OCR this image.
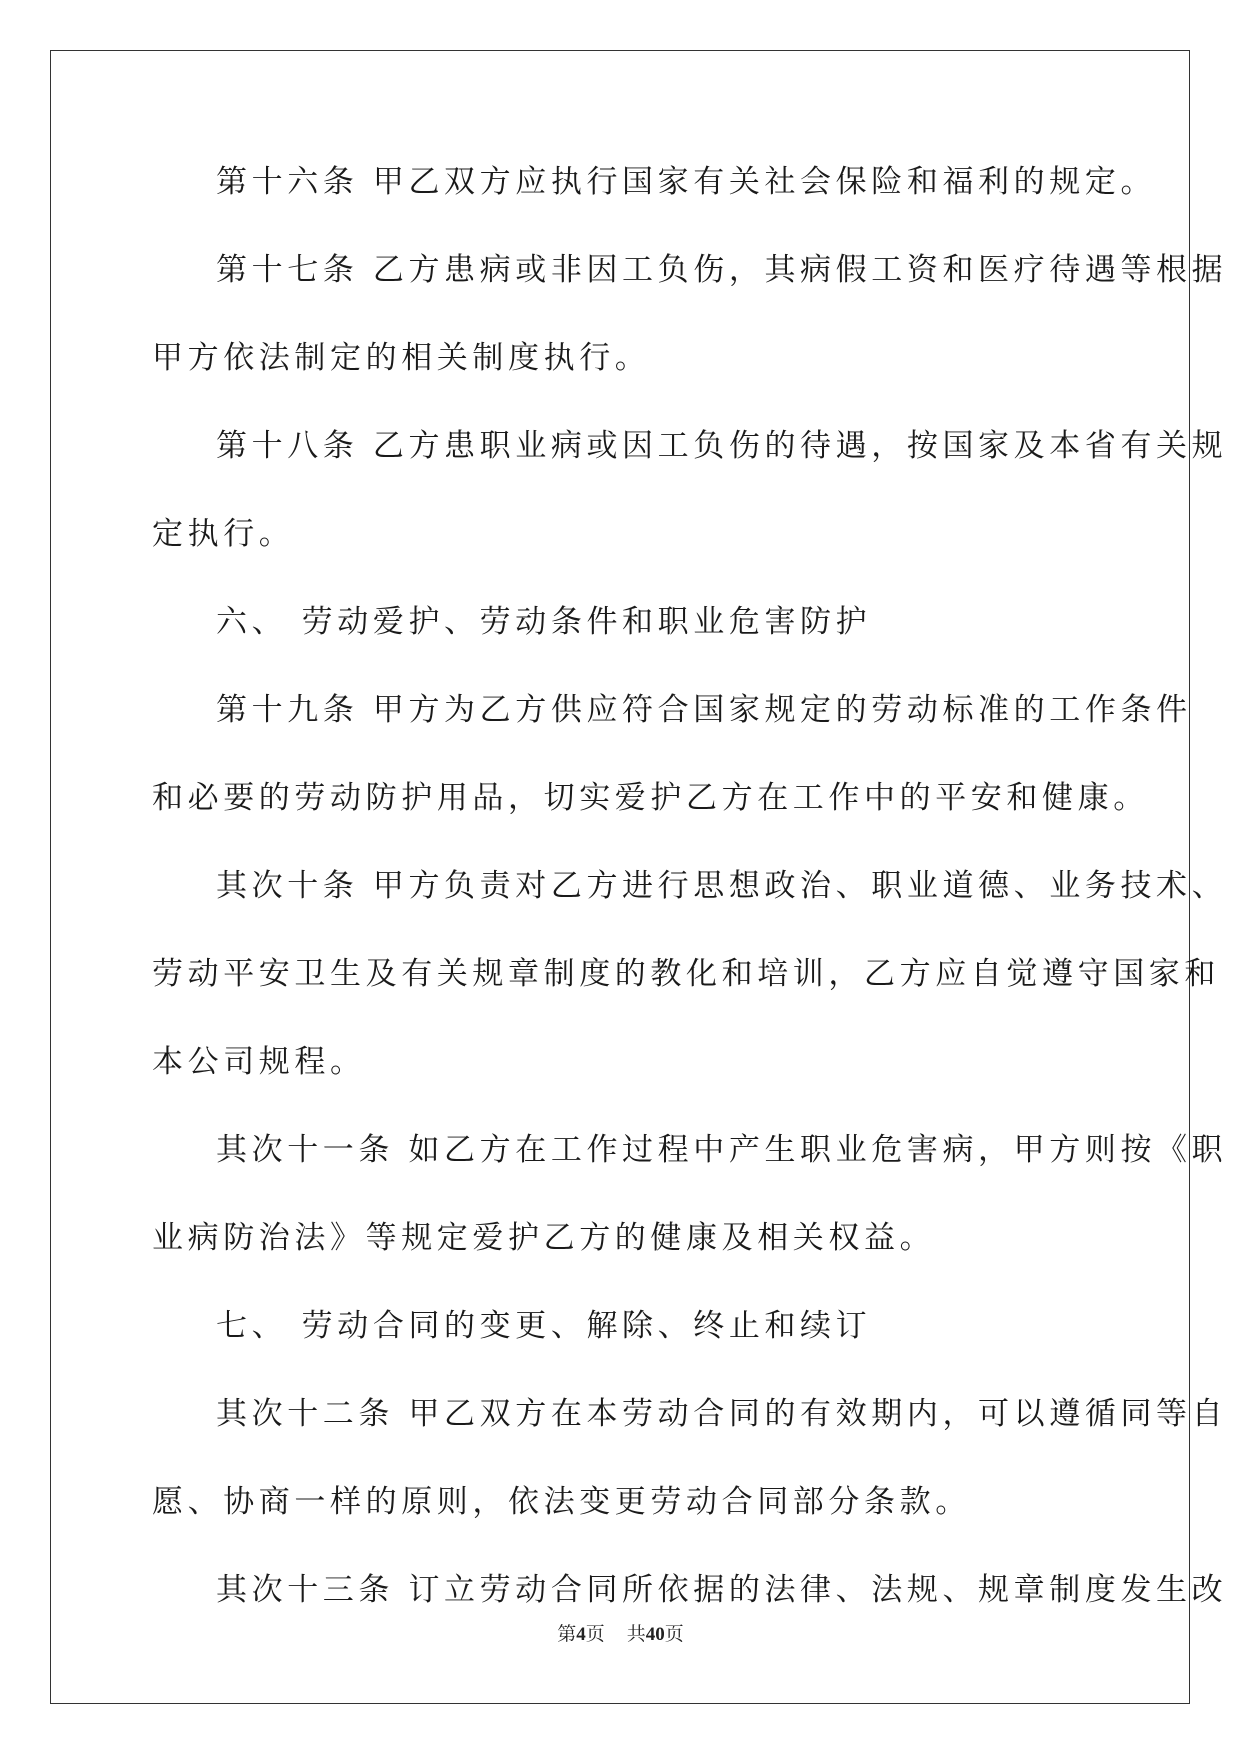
第十六条 甲乙双方应执行国家有关社会保险和福利的规定。
第十七条 乙方患病或非因工负伤，其病假工资和医疗待遇等根据
甲方依法制定的相关制度执行。
第十八条 乙方患职业病或因工负伤的待遇，按国家及本省有关规
定执行。
六、 劳动爱护、劳动条件和职业危害防护
第十九条 甲方为乙方供应符合国家规定的劳动标准的工作条件
和必要的劳动防护用品，切实爱护乙方在工作中的平安和健康。
其次十条 甲方负责对乙方进行思想政治、职业道德、业务技术、
劳动平安卫生及有关规章制度的教化和培训，乙方应自觉遵守国家和
本公司规程。
其次十一条 如乙方在工作过程中产生职业危害病，甲方则按《职
业病防治法》等规定爱护乙方的健康及相关权益。
七、 劳动合同的变更、解除、终止和续订
其次十二条 甲乙双方在本劳动合同的有效期内，可以遵循同等自
愿、协商一样的原则，依法变更劳动合同部分条款。
其次十三条 订立劳动合同所依据的法律、法规、规章制度发生改
第4页 共40页
